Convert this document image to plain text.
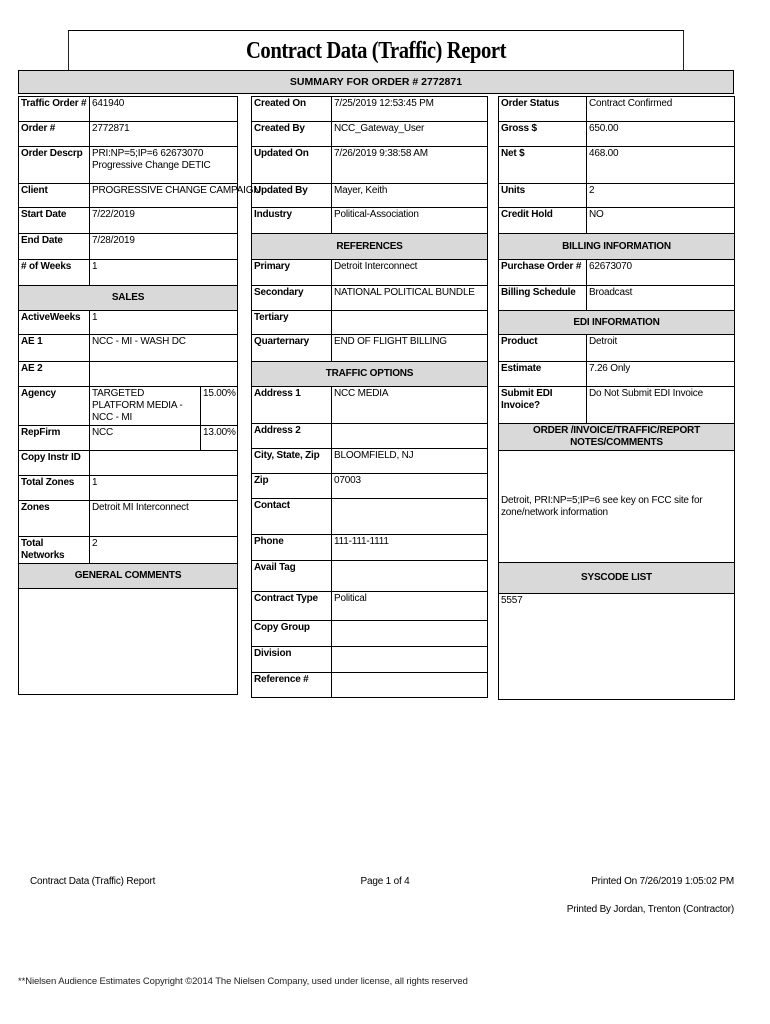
Contract Data (Traffic) Report
SUMMARY FOR ORDER # 2772871
Traffic Order #	641940	
Order #	2772871	
Order Descrp	PRI:NP=5;IP=6 62673070 Progressive Change DETIC	
Client	PROGRESSIVE CHANGE CAMPAIGN	
Start Date	7/22/2019	
End Date	7/28/2019	
# of Weeks	1	
SALES		
ActiveWeeks	1	
AE 1	NCC - MI - WASH DC	
AE 2		
Agency	TARGETED PLATFORM MEDIA - NCC - MI	15.00%
RepFirm	NCC	13.00%
Copy Instr ID		
Total Zones	1	
Zones	Detroit MI Interconnect	
Total Networks	2	
GENERAL COMMENTS		

Created On	7/25/2019 12:53:45 PM
Created By	NCC_Gateway_User
Updated On	7/26/2019 9:38:58 AM
Updated By	Mayer, Keith
Industry	Political-Association
REFERENCES	
Primary	Detroit Interconnect
Secondary	NATIONAL POLITICAL BUNDLE
Tertiary	
Quarternary	END OF FLIGHT BILLING
TRAFFIC OPTIONS	
Address 1	NCC MEDIA
Address 2	
City, State, Zip	BLOOMFIELD, NJ
Zip	07003
Contact	
Phone	111-111-1111
Avail Tag	
Contract Type	Political
Copy Group	
Division	
Reference #	
Order Status	Contract Confirmed
Gross $	650.00
Net $	468.00
Units	2
Credit Hold	NO
BILLING INFORMATION	
Purchase Order #	62673070
Billing Schedule	Broadcast
EDI INFORMATION	
Product	Detroit
Estimate	7.26 Only
Submit EDI Invoice?	Do Not Submit EDI Invoice
ORDER /INVOICE/TRAFFIC/REPORT NOTES/COMMENTS	
Detroit, PRI:NP=5;IP=6 see key on FCC site for zone/network information	
SYSCODE LIST	
5557	
Contract Data (Traffic) Report	Page 1 of 4	Printed On 7/26/2019 1:05:02 PM
Printed By Jordan, Trenton (Contractor)
**Nielsen Audience Estimates Copyright ©2014 The Nielsen Company, used under license, all rights reserved
